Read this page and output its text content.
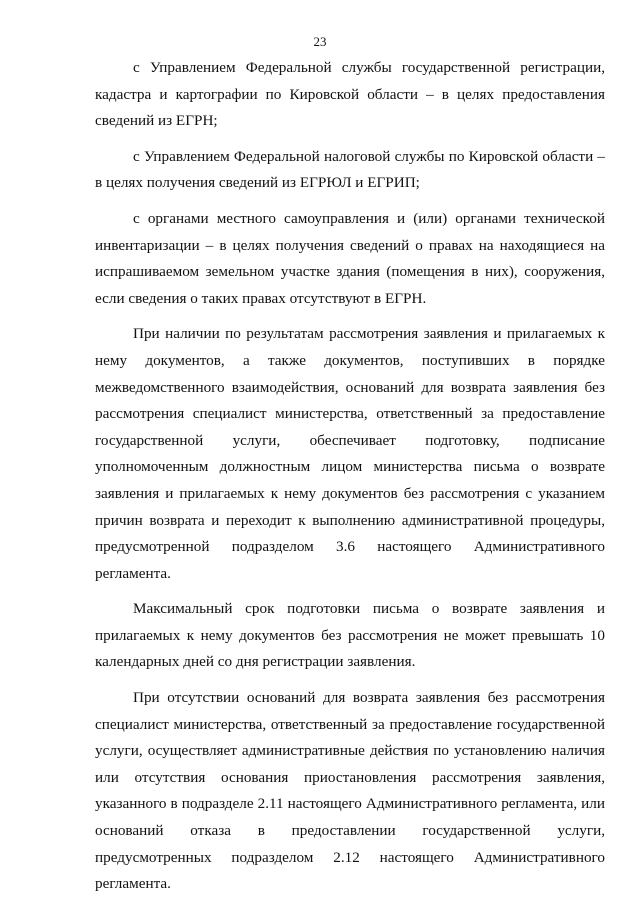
23

с Управлением Федеральной службы государственной регистрации, кадастра и картографии по Кировской области – в целях предоставления сведений из ЕГРН;

с Управлением Федеральной налоговой службы по Кировской области – в целях получения сведений из ЕГРЮЛ и ЕГРИП;

с органами местного самоуправления и (или) органами технической инвентаризации – в целях получения сведений о правах на находящиеся на испрашиваемом земельном участке здания (помещения в них), сооружения, если сведения о таких правах отсутствуют в ЕГРН.

При наличии по результатам рассмотрения заявления и прилагаемых к нему документов, а также документов, поступивших в порядке межведомственного взаимодействия, оснований для возврата заявления без рассмотрения специалист министерства, ответственный за предоставление государственной услуги, обеспечивает подготовку, подписание уполномоченным должностным лицом министерства письма о возврате заявления и прилагаемых к нему документов без рассмотрения с указанием причин возврата и переходит к выполнению административной процедуры, предусмотренной подразделом 3.6 настоящего Административного регламента.

Максимальный срок подготовки письма о возврате заявления и прилагаемых к нему документов без рассмотрения не может превышать 10 календарных дней со дня регистрации заявления.

При отсутствии оснований для возврата заявления без рассмотрения специалист министерства, ответственный за предоставление государственной услуги, осуществляет административные действия по установлению наличия или отсутствия основания приостановления рассмотрения заявления, указанного в подразделе 2.11 настоящего Административного регламента, или оснований отказа в предоставлении государственной услуги, предусмотренных подразделом 2.12 настоящего Административного регламента.
